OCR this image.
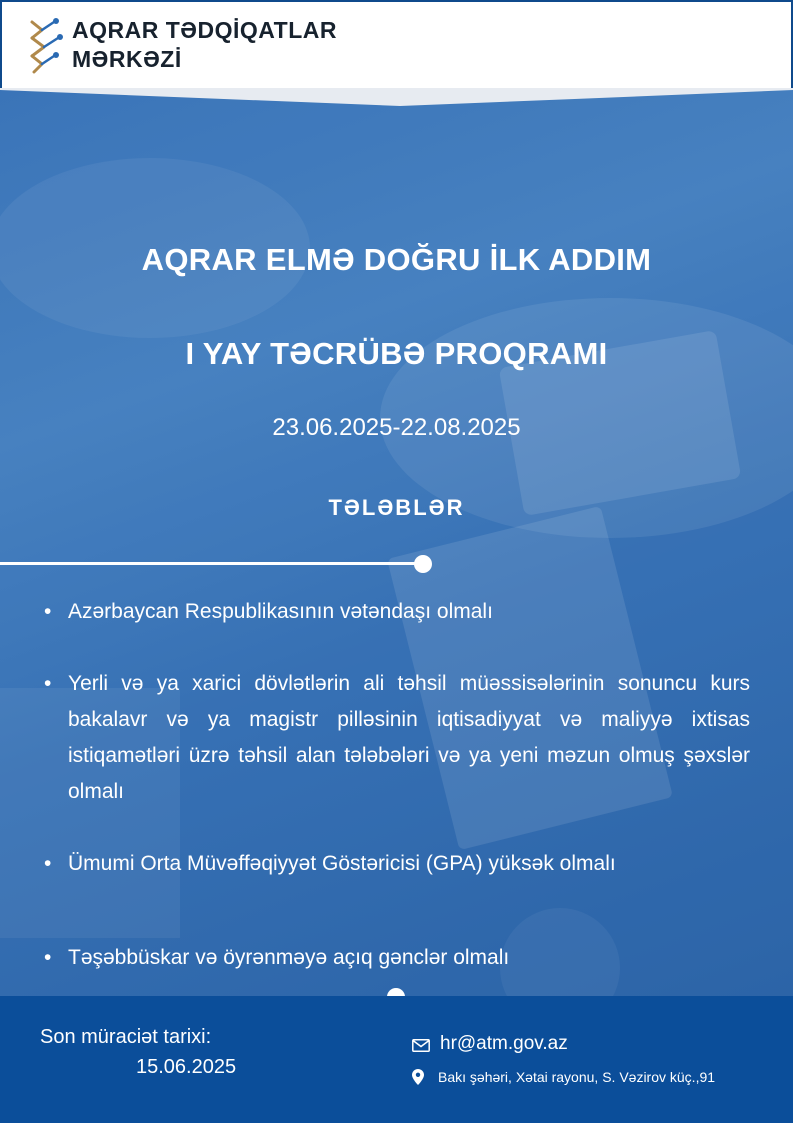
AQRAR TƏDQİQATLAR
MƏRKƏZİ
AQRAR ELMƏ DOĞRU İLK ADDIM
I YAY TƏCRÜBƏ PROQRAMI
23.06.2025-22.08.2025
TƏLƏBLƏR
• Azərbaycan Respublikasının vətəndaşı olmalı
• Yerli və ya xarici dövlətlərin ali təhsil müəssisələrinin sonuncu kurs bakalavr və ya magistr pilləsinin iqtisadiyyat və maliyyə ixtisas istiqamətləri üzrə təhsil alan tələbələri və ya yeni məzun olmuş şəxslər olmalı
• Ümumi Orta Müvəffəqiyyət Göstəricisi (GPA) yüksək olmalı
• Təşəbbüskar və öyrənməyə açıq gənclər olmalı
Son müraciət tarixi:
15.06.2025
hr@atm.gov.az
Bakı şəhəri, Xətai rayonu, S. Vəzirov küç.,91
